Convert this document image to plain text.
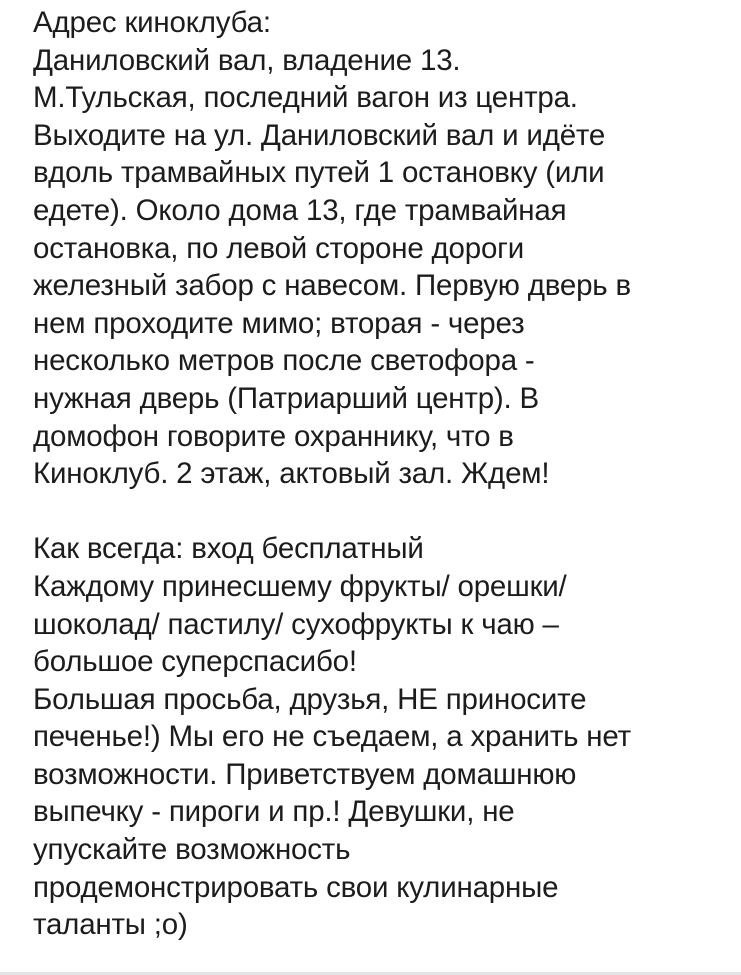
Адрес киноклуба:
Даниловский вал, владение 13.
М.Тульская, последний вагон из центра.
Выходите на ул. Даниловский вал и идёте
вдоль трамвайных путей 1 остановку (или
едете). Около дома 13, где трамвайная
остановка, по левой стороне дороги
железный забор с навесом. Первую дверь в
нем проходите мимо; вторая - через
несколько метров после светофора -
нужная дверь (Патриарший центр). В
домофон говорите охраннику, что в
Киноклуб. 2 этаж, актовый зал. Ждем!
Как всегда: вход бесплатный
Каждому принесшему фрукты/ орешки/
шоколад/ пастилу/ сухофрукты к чаю –
большое суперспасибо!
Большая просьба, друзья, НЕ приносите
печенье!) Мы его не съедаем, а хранить нет
возможности. Приветствуем домашнюю
выпечку - пироги и пр.! Девушки, не
упускайте возможность
продемонстрировать свои кулинарные
таланты ;о)
